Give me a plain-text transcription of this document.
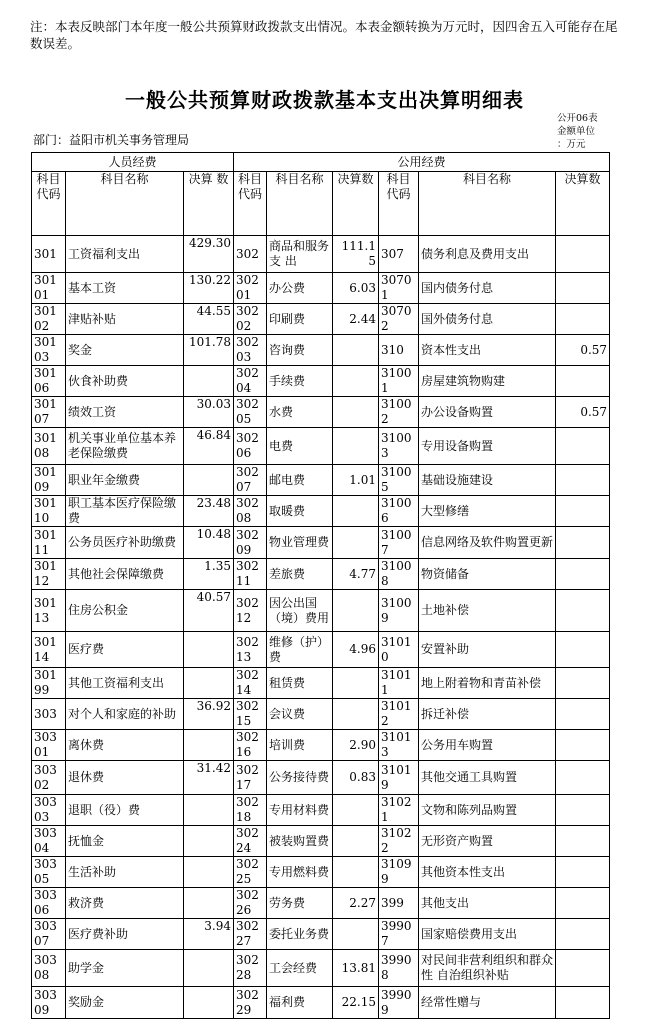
注：本表反映部门本年度一般公共预算财政拨款支出情况。本表金额转换为万元时，因四舍五入可能存在尾数误差。
一般公共预算财政拨款基本支出决算明细表
公开06表
金额单位
：万元
部门：益阳市机关事务管理局
人员经费			公用经费					
科目代码	科目名称	决算 数	科目代码	科目名称	决算数	科目代码	科目名称	决算数
301	工资福利支出	429.30	302	商品和服务支 出	111.15	307	债务利息及费用支出	
30101	基本工资	130.22	30201	办公费	6.03	30701	国内债务付息	
30102	津贴补贴	44.55	30202	印刷费	2.44	30702	国外债务付息	
30103	奖金	101.78	30203	咨询费		310	资本性支出	0.57
30106	伙食补助费		30204	手续费		31001	房屋建筑物购建	
30107	绩效工资	30.03	30205	水费		31002	办公设备购置	0.57
30108	机关事业单位基本养 老保险缴费	46.84	30206	电费		31003	专用设备购置	
30109	职业年金缴费		30207	邮电费	1.01	31005	基础设施建设	
30110	职工基本医疗保险缴 费	23.48	30208	取暖费		31006	大型修缮	
30111	公务员医疗补助缴费	10.48	30209	物业管理费		31007	信息网络及软件购置更新	
30112	其他社会保障缴费	1.35	30211	差旅费	4.77	31008	物资储备	
30113	住房公积金	40.57	30212	因公出国（境）费用		31009	土地补偿	
30114	医疗费		30213	维修（护）费	4.96	31010	安置补助	
30199	其他工资福利支出		30214	租赁费		31011	地上附着物和青苗补偿	
303	对个人和家庭的补助	36.92	30215	会议费		31012	拆迁补偿	
30301	离休费		30216	培训费	2.90	31013	公务用车购置	
30302	退休费	31.42	30217	公务接待费	0.83	31019	其他交通工具购置	
30303	退职（役）费		30218	专用材料费		31021	文物和陈列品购置	
30304	抚恤金		30224	被装购置费		31022	无形资产购置	
30305	生活补助		30225	专用燃料费		31099	其他资本性支出	
30306	救济费		30226	劳务费	2.27	399	其他支出	
30307	医疗费补助	3.94	30227	委托业务费		39907	国家赔偿费用支出	
30308	助学金		30228	工会经费	13.81	39908	对民间非营利组织和群众性 自治组织补贴	
30309	奖励金		30229	福利费	22.15	39909	经常性赠与	
